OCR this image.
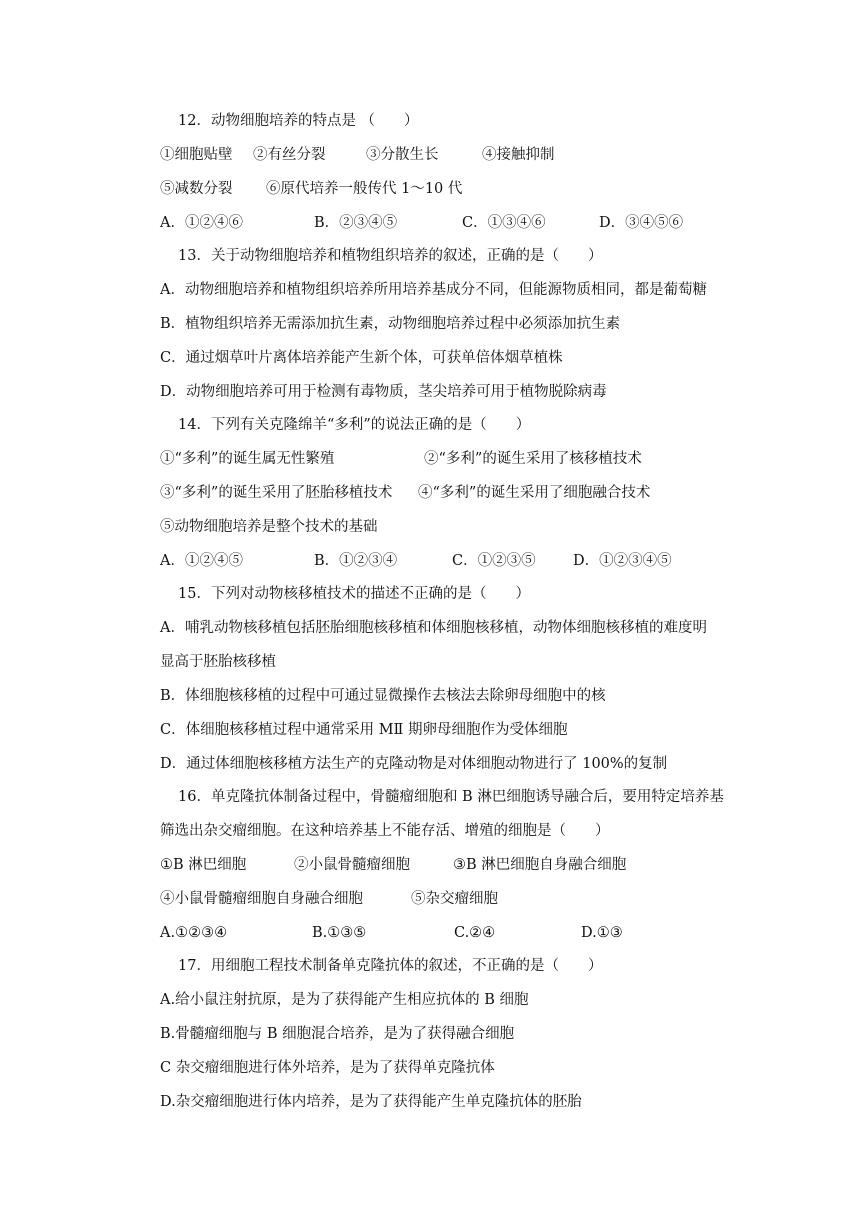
12．动物细胞培养的特点是 （　　）
①细胞贴壁 ②有丝分裂	③分散生长	④接触抑制
⑤减数分裂 ⑥原代培养一般传代 1～10 代
A．①②④⑥	B．②③④⑤	C．①③④⑥	D．③④⑤⑥
13．关于动物细胞培养和植物组织培养的叙述，正确的是（　　）
A．动物细胞培养和植物组织培养所用培养基成分不同，但能源物质相同，都是葡萄糖
B．植物组织培养无需添加抗生素，动物细胞培养过程中必须添加抗生素
C．通过烟草叶片离体培养能产生新个体，可获单倍体烟草植株
D．动物细胞培养可用于检测有毒物质，茎尖培养可用于植物脱除病毒
14．下列有关克隆绵羊“多利”的说法正确的是（　　）
①“多利”的诞生属无性繁殖	②“多利”的诞生采用了核移植技术
③“多利”的诞生采用了胚胎移植技术 ④“多利”的诞生采用了细胞融合技术
⑤动物细胞培养是整个技术的基础
A．①②④⑤	B．①②③④	C．①②③⑤	D．①②③④⑤
15．下列对动物核移植技术的描述不正确的是（　　）
A．哺乳动物核移植包括胚胎细胞核移植和体细胞核移植，动物体细胞核移植的难度明
显高于胚胎核移植
B．体细胞核移植的过程中可通过显微操作去核法去除卵母细胞中的核
C．体细胞核移植过程中通常采用 MⅡ 期卵母细胞作为受体细胞
D．通过体细胞核移植方法生产的克隆动物是对体细胞动物进行了 100%的复制
16．单克隆抗体制备过程中，骨髓瘤细胞和 B 淋巴细胞诱导融合后，要用特定培养基
筛选出杂交瘤细胞。在这种培养基上不能存活、增殖的细胞是（　　）
①B 淋巴细胞	②小鼠骨髓瘤细胞	③B 淋巴细胞自身融合细胞
④小鼠骨髓瘤细胞自身融合细胞	⑤杂交瘤细胞
A.①②③④	B.①③⑤	C.②④	D.①③
17．用细胞工程技术制备单克隆抗体的叙述，不正确的是（　　）
A.给小鼠注射抗原，是为了获得能产生相应抗体的 B 细胞
B.骨髓瘤细胞与 B 细胞混合培养，是为了获得融合细胞
C 杂交瘤细胞进行体外培养，是为了获得单克隆抗体
D.杂交瘤细胞进行体内培养，是为了获得能产生单克隆抗体的胚胎
